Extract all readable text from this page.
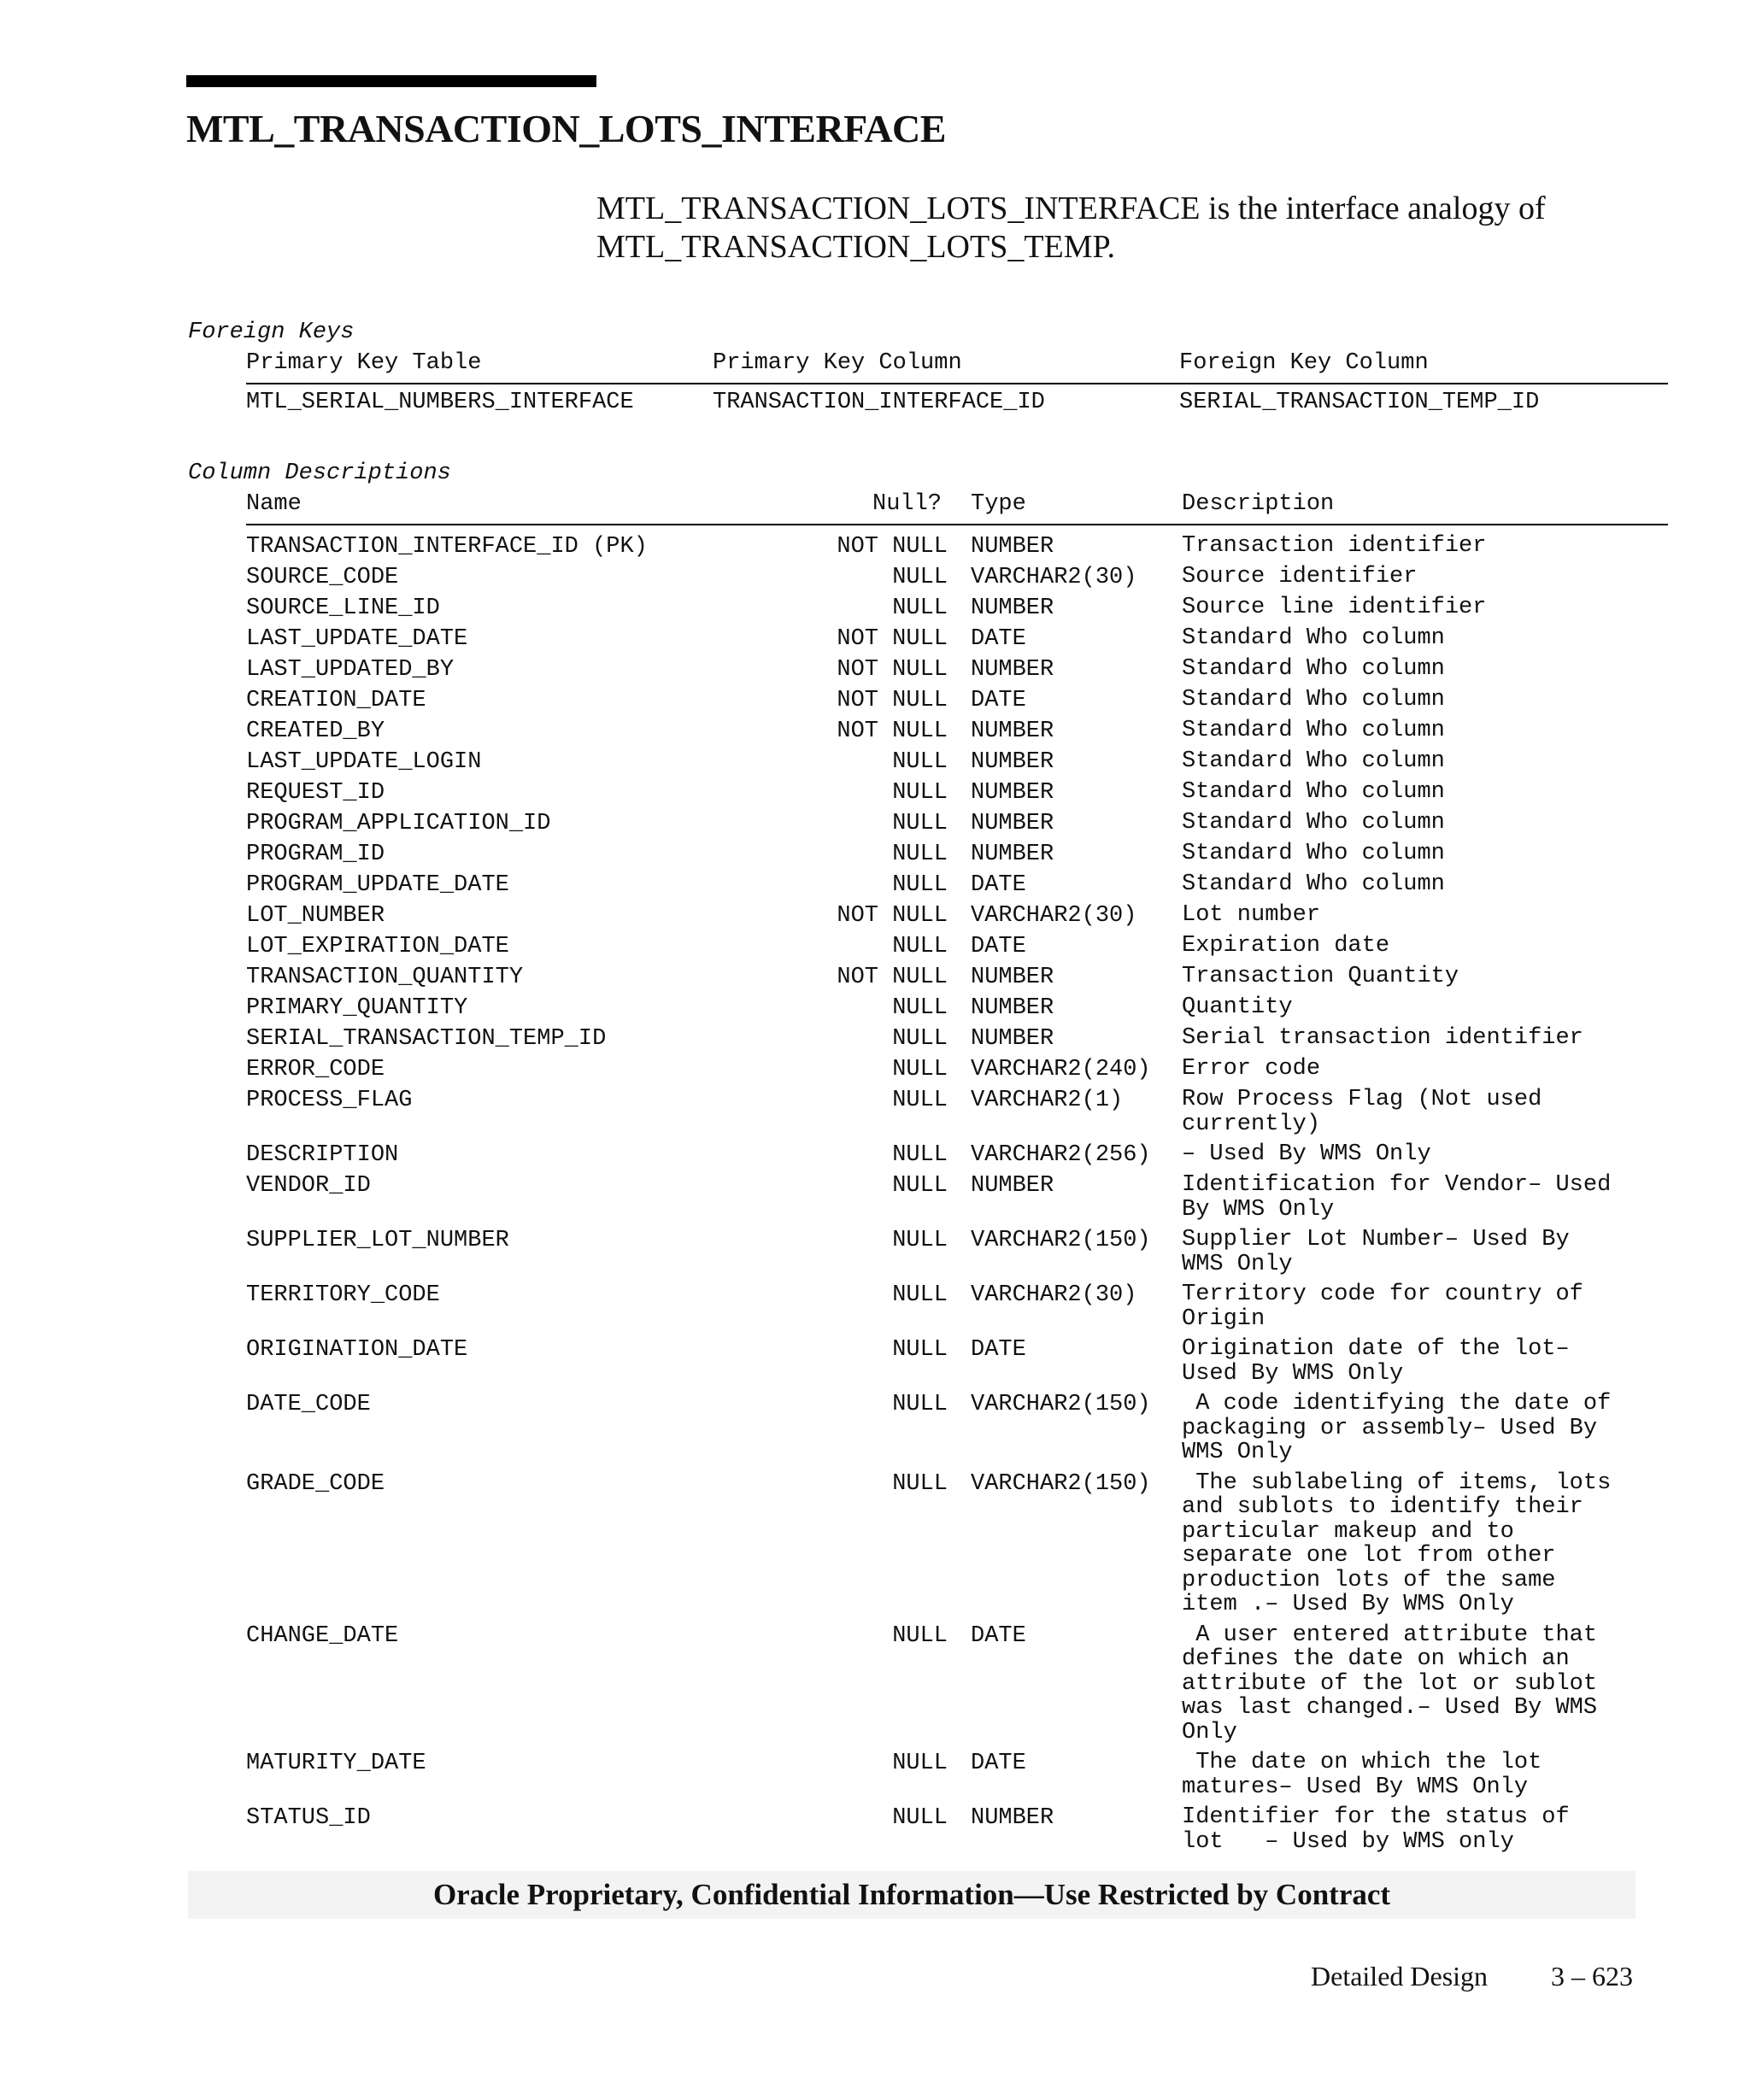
MTL_TRANSACTION_LOTS_INTERFACE
MTL_TRANSACTION_LOTS_INTERFACE is the interface analogy of
MTL_TRANSACTION_LOTS_TEMP.
Foreign Keys
Primary Key Table	Primary Key Column	Foreign Key Column
MTL_SERIAL_NUMBERS_INTERFACE	TRANSACTION_INTERFACE_ID	SERIAL_TRANSACTION_TEMP_ID
Column Descriptions
Name	Null? Type	Description
TRANSACTION_INTERFACE_ID (PK)	NOT NULL NUMBER	Transaction identifier
SOURCE_CODE	NULL VARCHAR2(30) Source identifier
SOURCE_LINE_ID	NULL NUMBER	Source line identifier
LAST_UPDATE_DATE	NOT NULL DATE	Standard Who column
LAST_UPDATED_BY	NOT NULL NUMBER	Standard Who column
CREATION_DATE	NOT NULL DATE	Standard Who column
CREATED_BY	NOT NULL NUMBER	Standard Who column
LAST_UPDATE_LOGIN	NULL NUMBER	Standard Who column
REQUEST_ID	NULL NUMBER	Standard Who column
PROGRAM_APPLICATION_ID	NULL NUMBER	Standard Who column
PROGRAM_ID	NULL NUMBER	Standard Who column
PROGRAM_UPDATE_DATE	NULL DATE	Standard Who column
LOT_NUMBER	NOT NULL VARCHAR2(30) Lot number
LOT_EXPIRATION_DATE	NULL DATE	Expiration date
TRANSACTION_QUANTITY	NOT NULL NUMBER	Transaction Quantity
PRIMARY_QUANTITY	NULL NUMBER	Quantity
SERIAL_TRANSACTION_TEMP_ID	NULL NUMBER	Serial transaction identifier
ERROR_CODE	NULL VARCHAR2(240) Error code
PROCESS_FLAG	NULL VARCHAR2(1)	Row Process Flag (Not used
currently)
DESCRIPTION	NULL VARCHAR2(256) – Used By WMS Only
VENDOR_ID	NULL NUMBER	Identification for Vendor– Used
By WMS Only
SUPPLIER_LOT_NUMBER	NULL VARCHAR2(150) Supplier Lot Number– Used By
WMS Only
TERRITORY_CODE	NULL VARCHAR2(30) Territory code for country of
Origin
ORIGINATION_DATE	NULL DATE	Origination date of the lot–
Used By WMS Only
DATE_CODE	NULL VARCHAR2(150)	A code identifying the date of
packaging or assembly– Used By
WMS Only
GRADE_CODE	NULL VARCHAR2(150)	The sublabeling of items, lots
and sublots to identify their
particular makeup and to
separate one lot from other
production lots of the same
item .– Used By WMS Only
CHANGE_DATE	NULL DATE	A user entered attribute that
defines the date on which an
attribute of the lot or sublot
was last changed.– Used By WMS
Only
MATURITY_DATE	NULL DATE	The date on which the lot
matures– Used By WMS Only
STATUS_ID	NULL NUMBER	Identifier for the status of
lot   – Used by WMS only
Oracle Proprietary, Confidential Information––Use Restricted by Contract
Detailed Design 3 – 623
